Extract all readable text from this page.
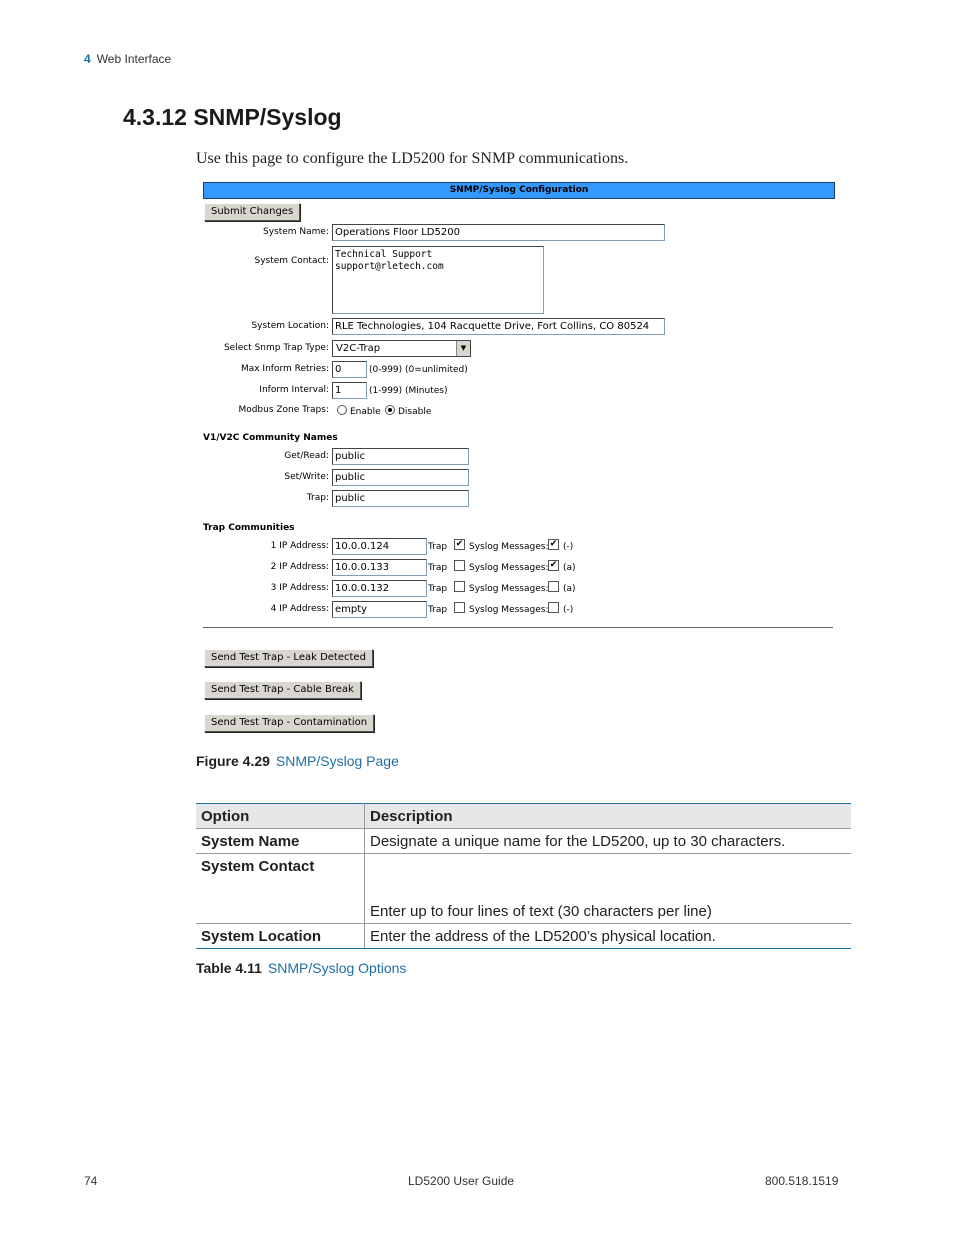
4 Web Interface
4.3.12 SNMP/Syslog
Use this page to configure the LD5200 for SNMP communications.
SNMP/Syslog Configuration
Submit Changes
System Name: Operations Floor LD5200
System Contact:
Technical Support
support@rletech.com
System Location: RLE Technologies, 104 Racquette Drive, Fort Collins, CO 80524
Select Snmp Trap Type: V2C-Trap	▼
Max Inform Retries: 0	(0-999) (0=unlimited)
Inform Interval: 1	(1-999) (Minutes)
Modbus Zone Traps: Enable Disable
V1/V2C Community Names
Get/Read: public
Set/Write: public
Trap: public
Trap Communities
1 IP Address: 10.0.0.124	Trap ✔ Syslog Messages: ✔ (-)
2 IP Address: 10.0.0.133	Trap Syslog Messages: ✔ (a)
3 IP Address: 10.0.0.132	Trap Syslog Messages: (a)
4 IP Address: empty	Trap Syslog Messages: (-)
Send Test Trap - Leak Detected
Send Test Trap - Cable Break
Send Test Trap - Contamination
Figure 4.29 SNMP/Syslog Page
Option	Description
System Name	Designate a unique name for the LD5200, up to 30 characters.
System Contact	Enter up to four lines of text (30 characters per line)
System Location	Enter the address of the LD5200’s physical location.
Table 4.11 SNMP/Syslog Options
74	LD5200 User Guide	800.518.1519
